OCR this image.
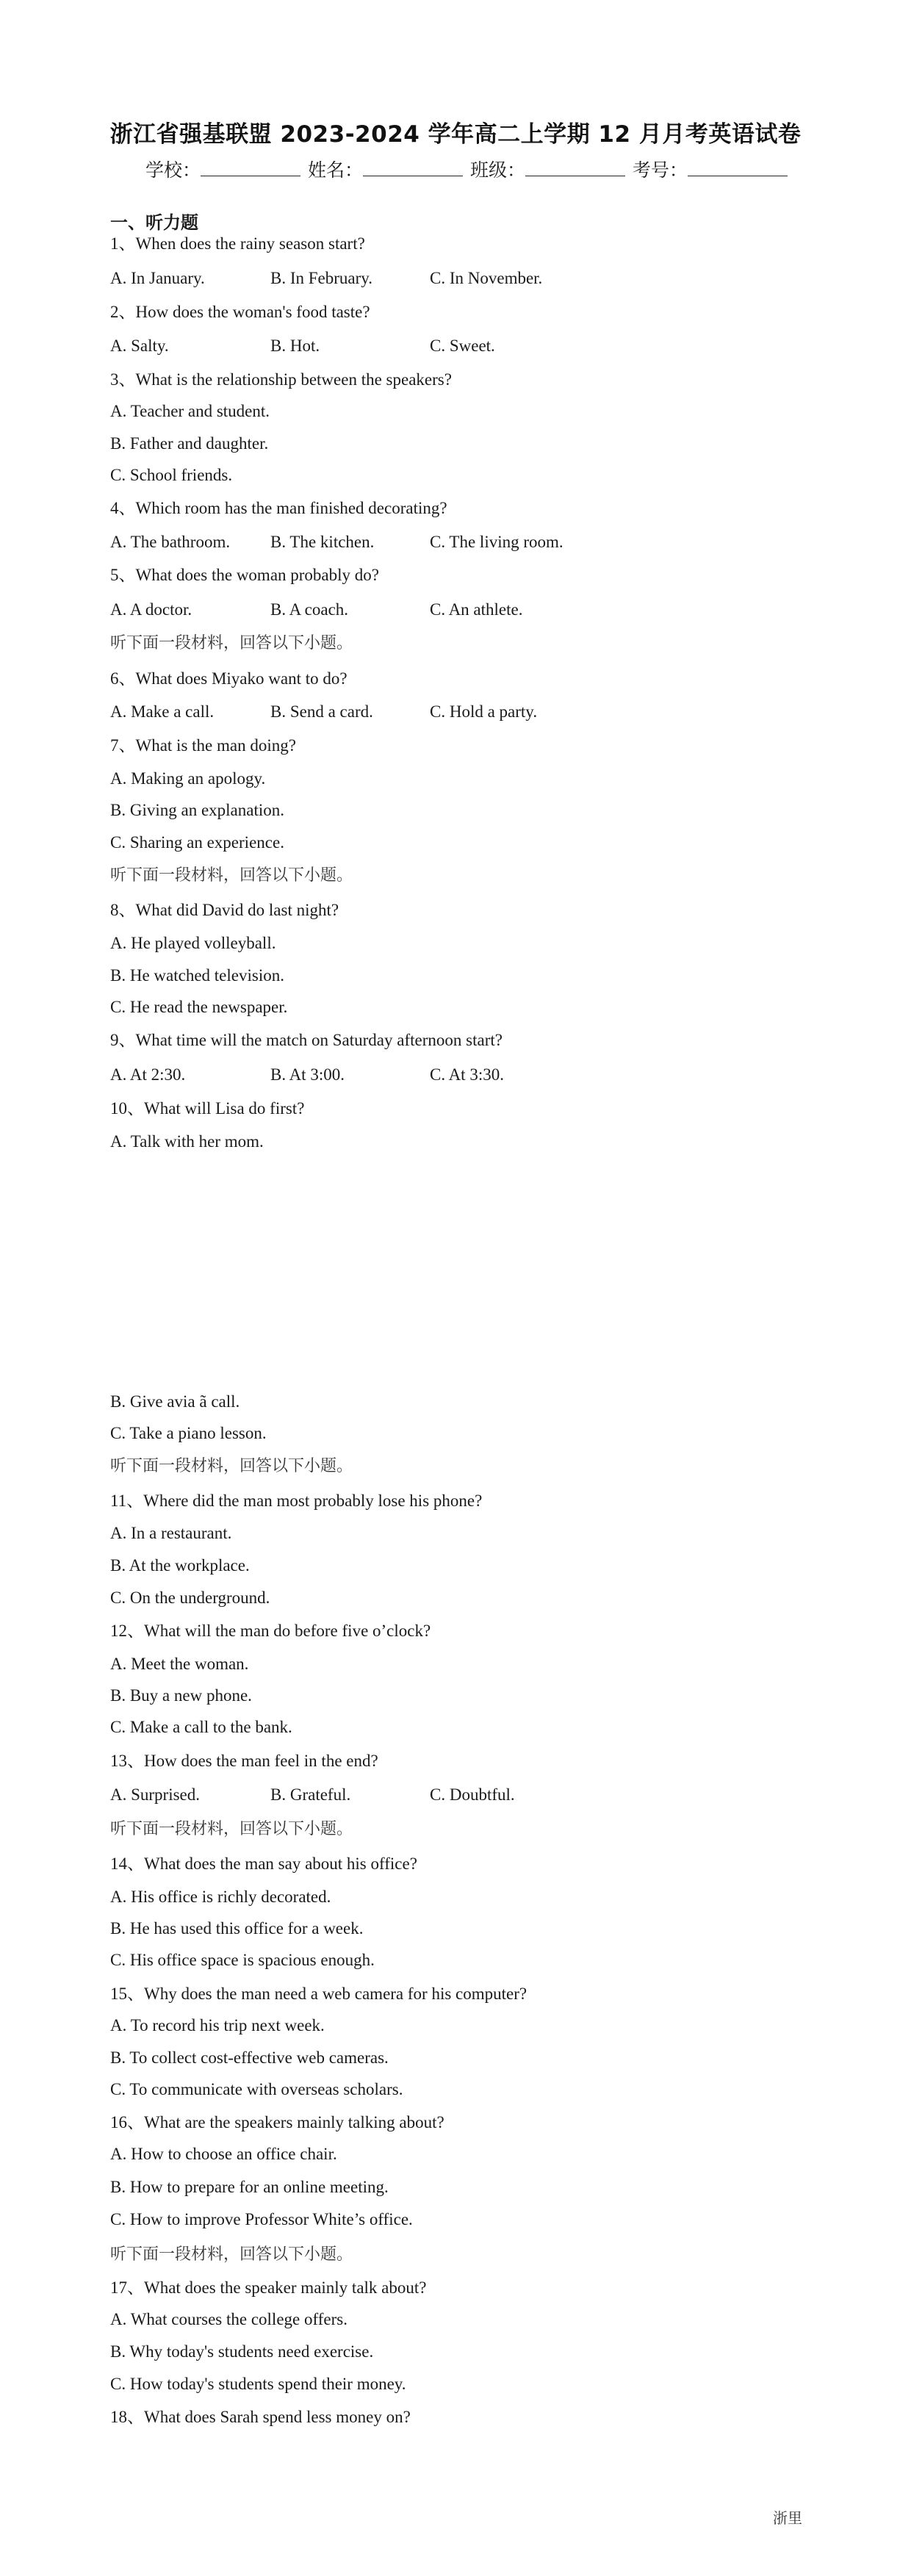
浙江省强基联盟 2023-2024 学年高二上学期 12 月月考英语试卷
学校：	姓名：	班级：	考号：
一、听力题
1、When does the rainy season start?
A. In January.	B. In February.	C. In November.
2、How does the woman's food taste?
A. Salty.	B. Hot.	C. Sweet.
3、What is the relationship between the speakers?
A. Teacher and student.
B. Father and daughter.
C. School friends.
4、Which room has the man finished decorating?
A. The bathroom. B. The kitchen.	C. The living room.
5、What does the woman probably do?
A. A doctor.	B. A coach.	C. An athlete.
听下面一段材料，回答以下小题。
6、What does Miyako want to do?
A. Make a call.	B. Send a card.	C. Hold a party.
7、What is the man doing?
A. Making an apology.
B. Giving an explanation.
C. Sharing an experience.
听下面一段材料，回答以下小题。
8、What did David do last night?
A. He played volleyball.
B. He watched television.
C. He read the newspaper.
9、What time will the match on Saturday afternoon start?
A. At 2:30.	B. At 3:00.	C. At 3:30.
10、What will Lisa do first?
A. Talk with her mom.
B. Give avia ã call.
C. Take a piano lesson.
听下面一段材料，回答以下小题。
11、Where did the man most probably lose his phone?
A. In a restaurant.
B. At the workplace.
C. On the underground.
12、What will the man do before five o’clock?
A. Meet the woman.
B. Buy a new phone.
C. Make a call to the bank.
13、How does the man feel in the end?
A. Surprised.	B. Grateful.	C. Doubtful.
听下面一段材料，回答以下小题。
14、What does the man say about his office?
A. His office is richly decorated.
B. He has used this office for a week.
C. His office space is spacious enough.
15、Why does the man need a web camera for his computer?
A. To record his trip next week.
B. To collect cost-effective web cameras.
C. To communicate with overseas scholars.
16、What are the speakers mainly talking about?
A. How to choose an office chair.
B. How to prepare for an online meeting.
C. How to improve Professor White’s office.
听下面一段材料，回答以下小题。
17、What does the speaker mainly talk about?
A. What courses the college offers.
B. Why today's students need exercise.
C. How today's students spend their money.
18、What does Sarah spend less money on?
浙里
